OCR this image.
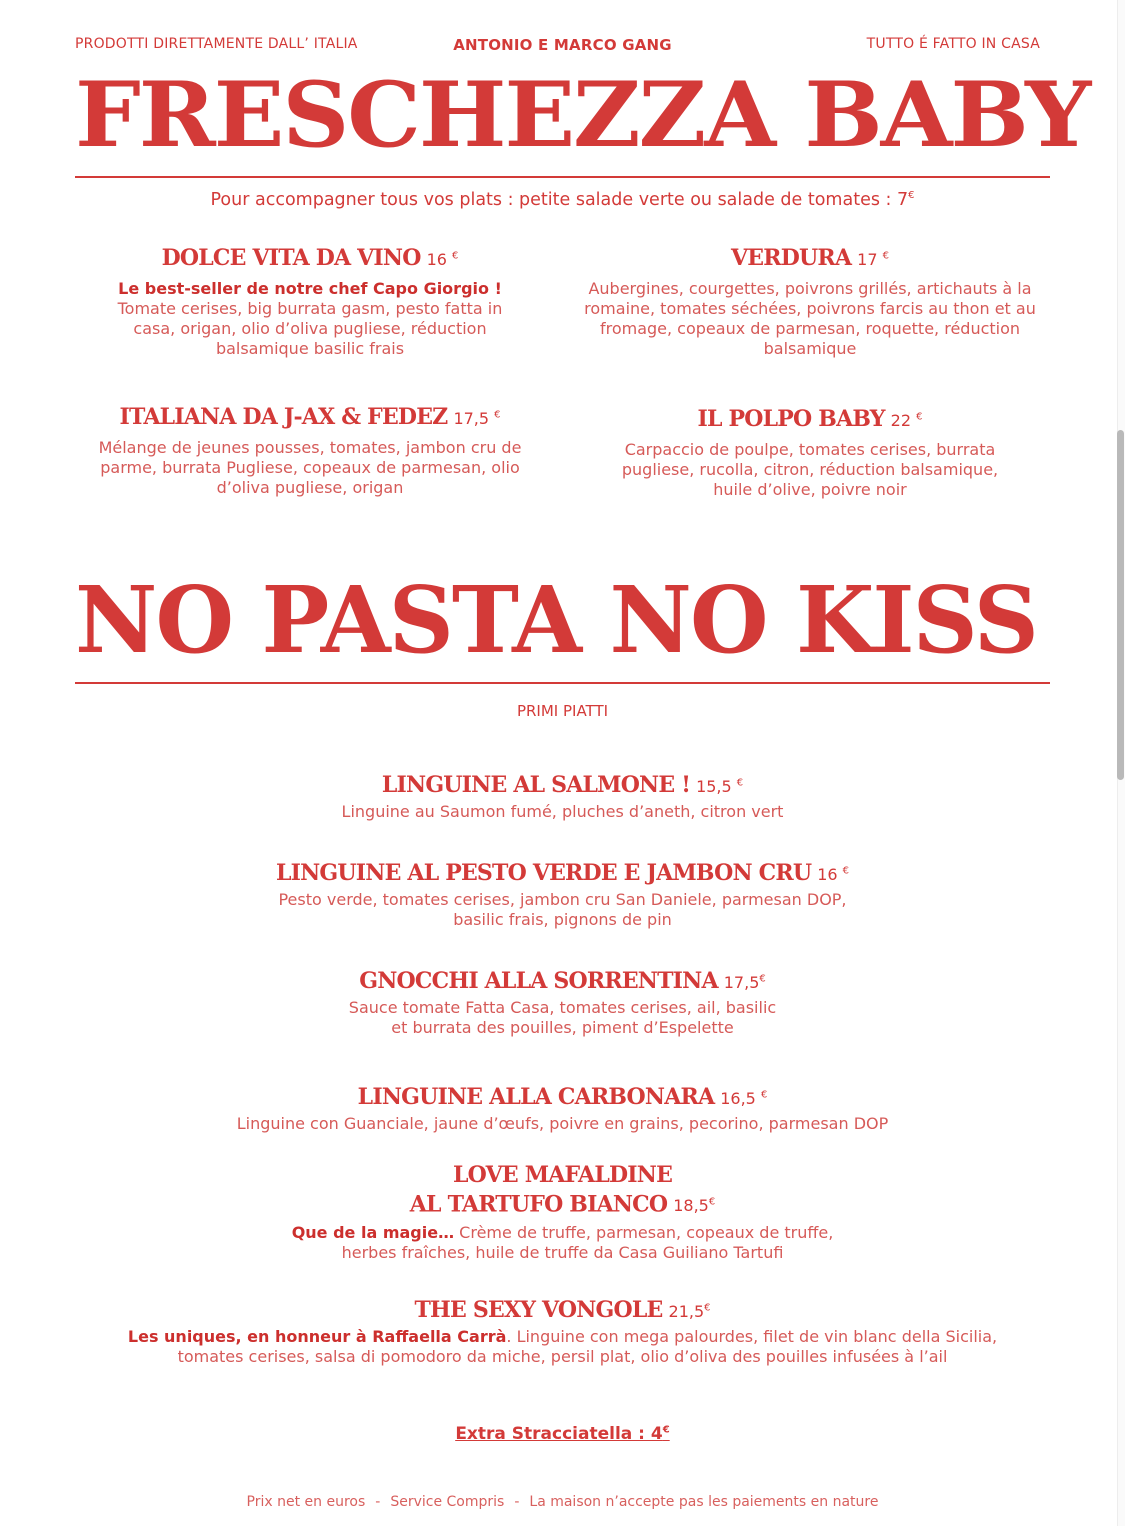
PRODOTTI DIRETTAMENTE DALL’ ITALIA	ANTONIO E MARCO GANG	TUTTO É FATTO IN CASA
FRESCHEZZA BABY
Pour accompagner tous vos plats : petite salade verte ou salade de tomates : 7€
DOLCE VITA DA VINO 16 €
Le best-seller de notre chef Capo Giorgio !
Tomate cerises, big burrata gasm, pesto fatta in casa, origan, olio d’oliva pugliese, réduction balsamique basilic frais
VERDURA 17 €
Aubergines, courgettes, poivrons grillés, artichauts à la romaine, tomates séchées, poivrons farcis au thon et au fromage, copeaux de parmesan, roquette, réduction balsamique
ITALIANA DA J-AX & FEDEZ 17,5 €
Mélange de jeunes pousses, tomates, jambon cru de parme, burrata Pugliese, copeaux de parmesan, olio d’oliva pugliese, origan
IL POLPO BABY 22 €
Carpaccio de poulpe, tomates cerises, burrata pugliese, rucolla, citron, réduction balsamique, huile d’olive, poivre noir
NO PASTA NO KISS
PRIMI PIATTI
LINGUINE AL SALMONE ! 15,5 €
Linguine au Saumon fumé, pluches d’aneth, citron vert
LINGUINE AL PESTO VERDE E JAMBON CRU 16 €
Pesto verde, tomates cerises, jambon cru San Daniele, parmesan DOP,
basilic frais, pignons de pin
GNOCCHI ALLA SORRENTINA 17,5€
Sauce tomate Fatta Casa, tomates cerises, ail, basilic
et burrata des pouilles, piment d’Espelette
LINGUINE ALLA CARBONARA 16,5 €
Linguine con Guanciale, jaune d’œufs, poivre en grains, pecorino, parmesan DOP
LOVE MAFALDINE
AL TARTUFO BIANCO 18,5€
Que de la magie… Crème de truffe, parmesan, copeaux de truffe,
herbes fraîches, huile de truffe da Casa Guiliano Tartufi
THE SEXY VONGOLE 21,5€
Les uniques, en honneur à Raffaella Carrà. Linguine con mega palourdes, filet de vin blanc della Sicilia,
tomates cerises, salsa di pomodoro da miche, persil plat, olio d’oliva des pouilles infusées à l’ail
Extra Stracciatella : 4€
Prix net en euros - Service Compris - La maison n’accepte pas les paiements en nature
